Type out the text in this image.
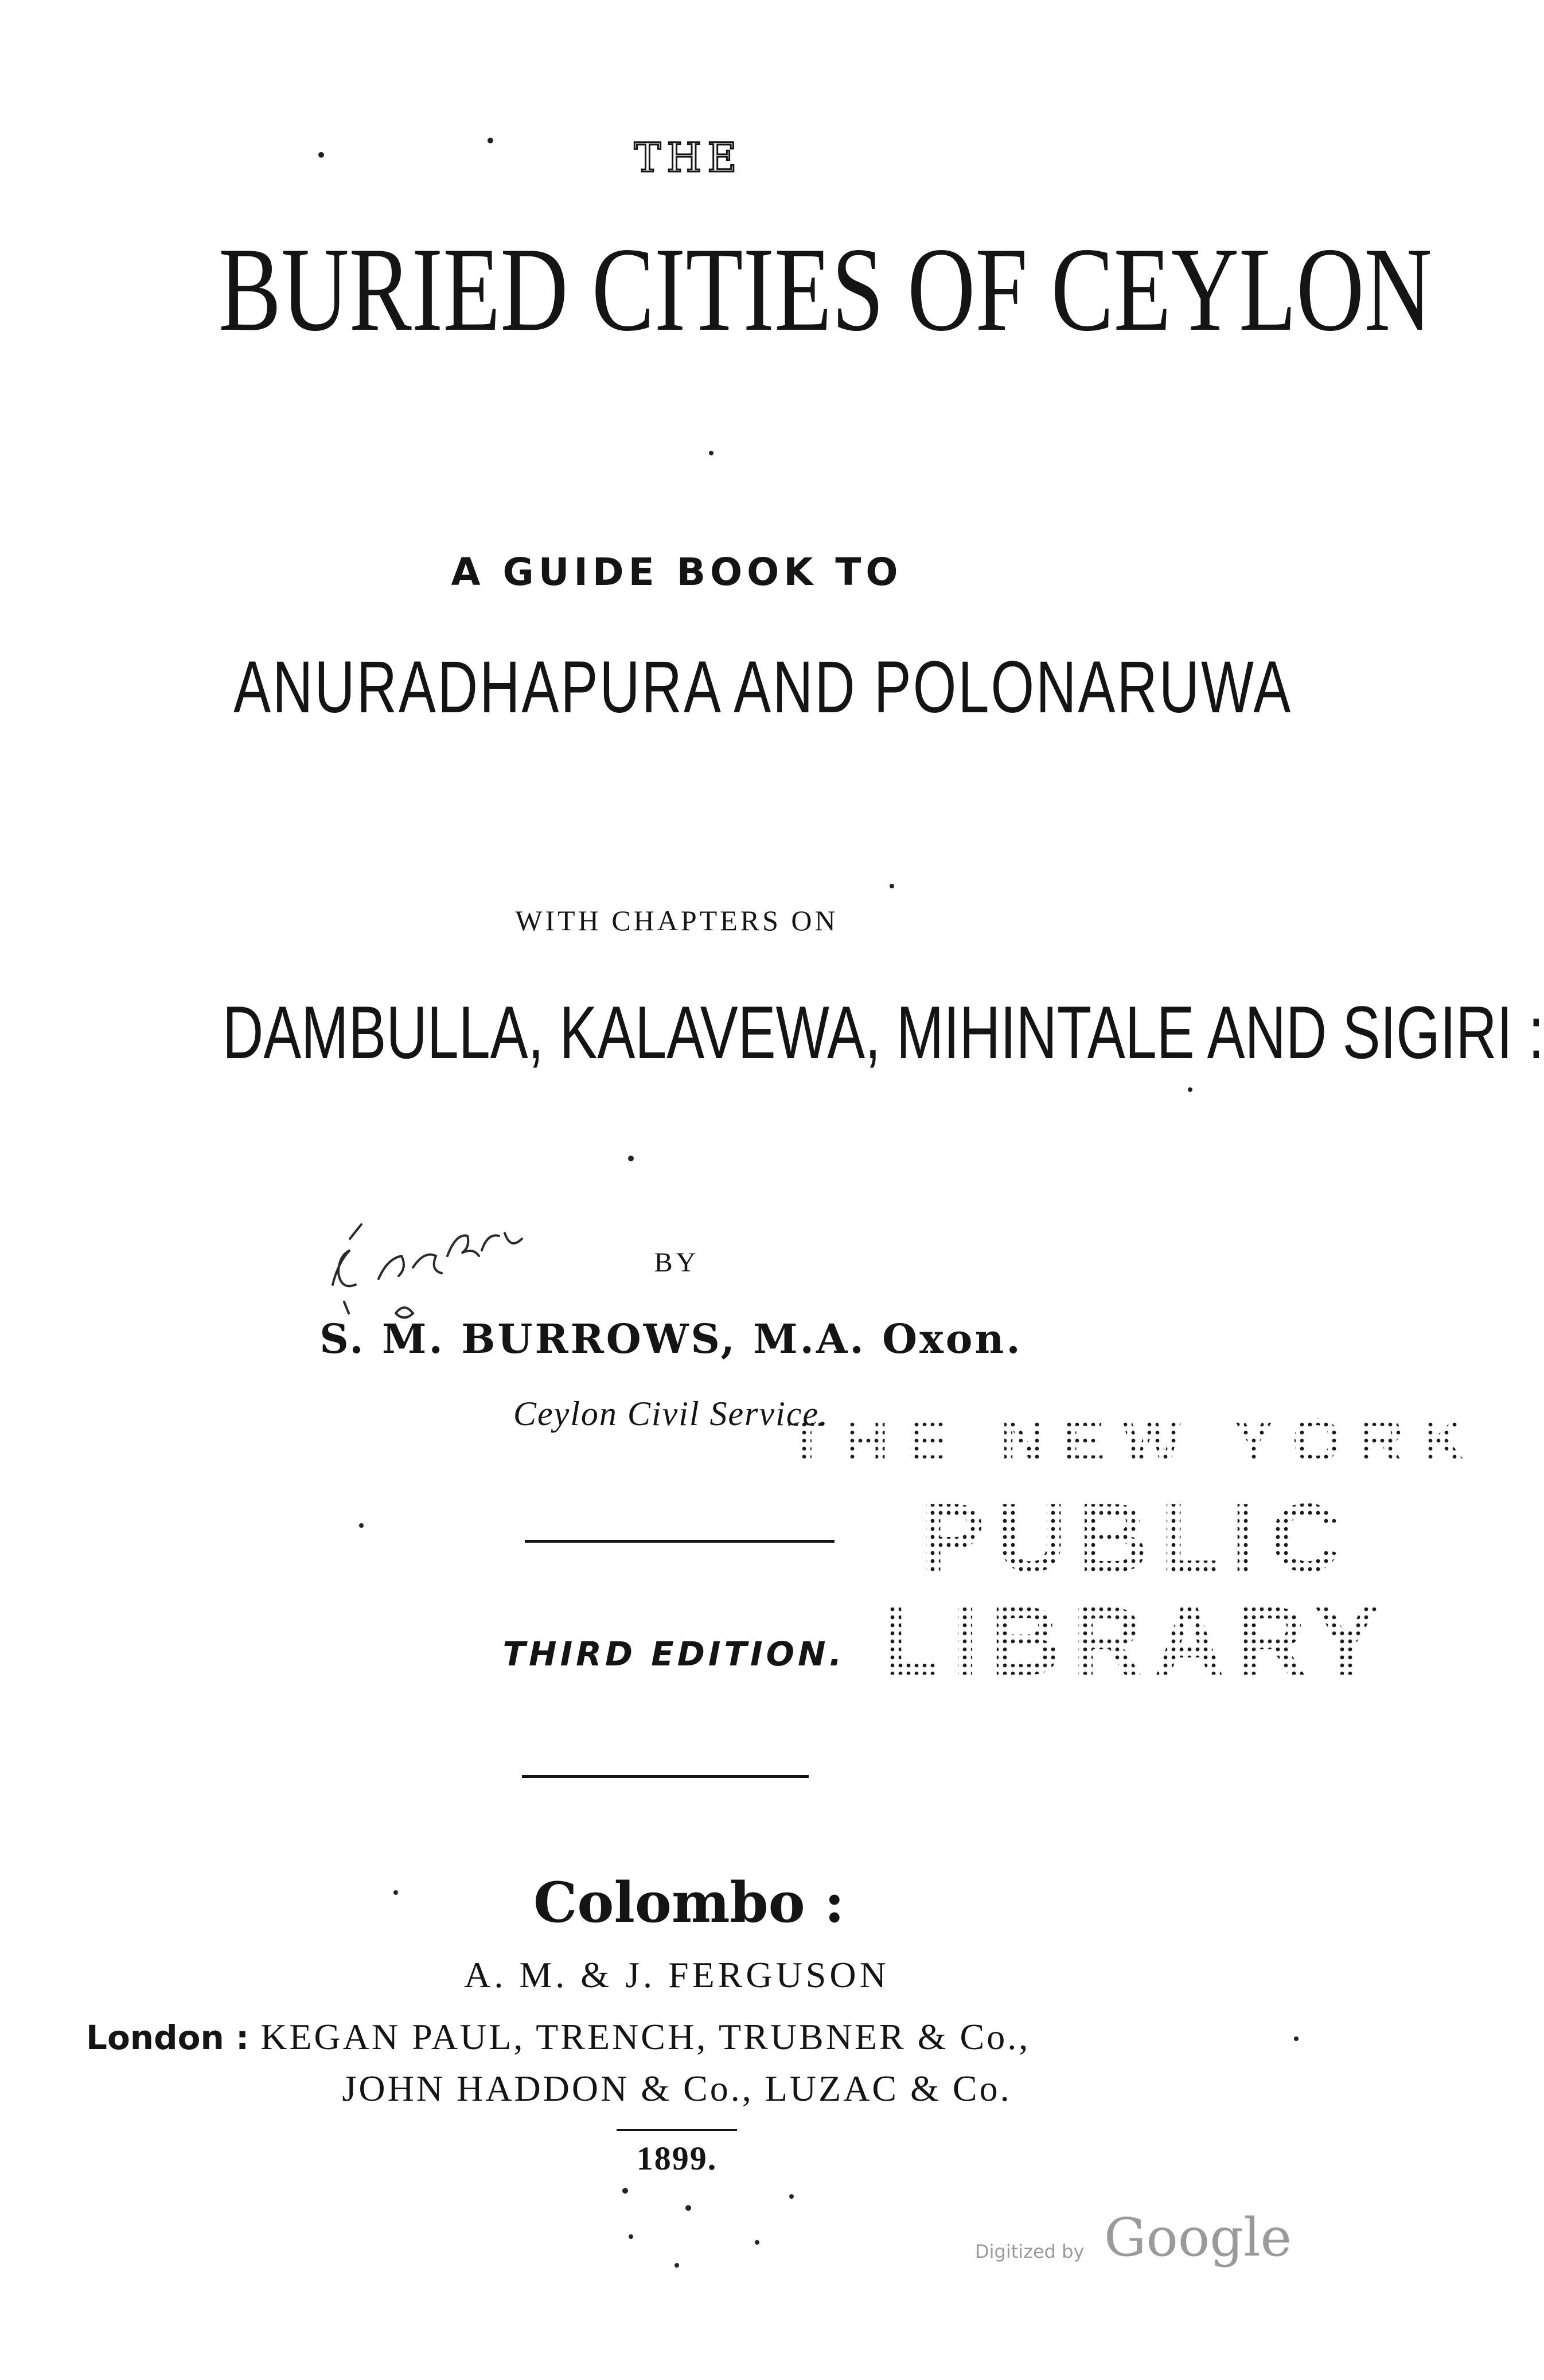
THE
BURIED CITIES OF CEYLON
A GUIDE BOOK TO
ANURADHAPURA AND POLONARUWA
WITH CHAPTERS ON
DAMBULLA, KALAVEWA, MIHINTALE AND SIGIRI :
BY
S. M. BURROWS, M.A. Oxon.
Ceylon Civil Service.
THE NEW YORK
PUBLIC
LIBRARY
THIRD EDITION.
Colombo :
A. M. & J. FERGUSON
London : KEGAN PAUL, TRENCH, TRUBNER & Co.,
JOHN HADDON & Co., LUZAC & Co.
1899.
Digitized by Google
